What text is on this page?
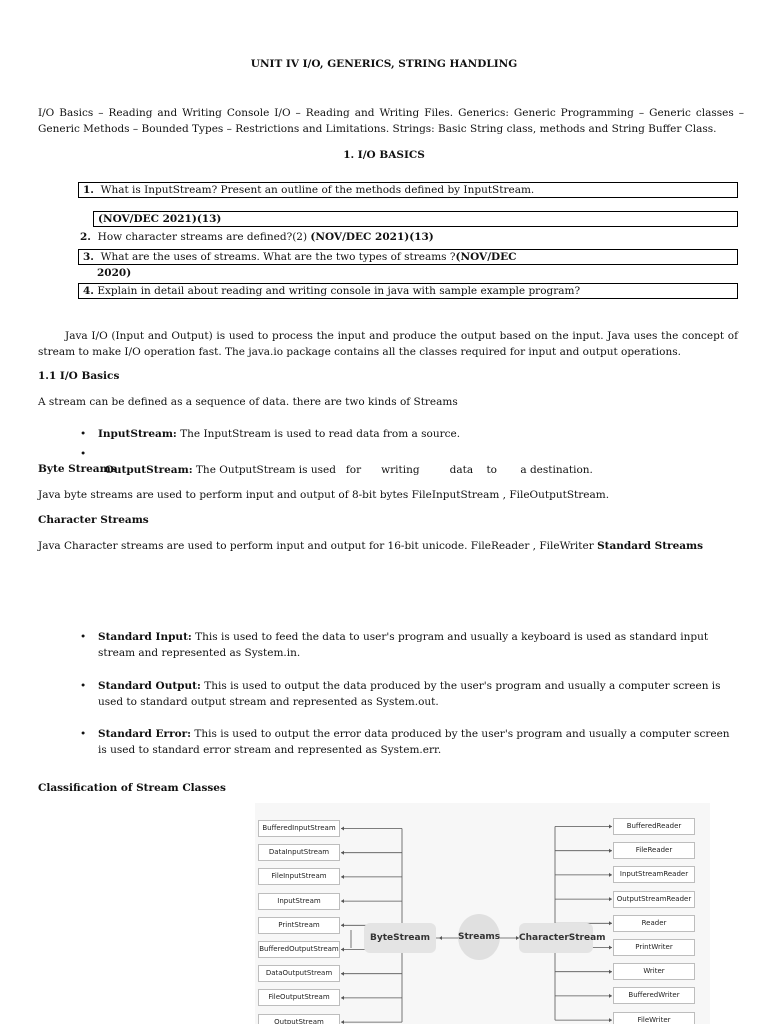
UNIT IV I/O, GENERICS, STRING HANDLING
I/O Basics – Reading and Writing Console I/O – Reading and Writing Files. Generics: Generic Programming – Generic classes – Generic Methods – Bounded Types – Restrictions and Limitations. Strings: Basic String class, methods and String Buffer Class.
1. I/O BASICS
1. What is InputStream? Present an outline of the methods defined by InputStream.
(NOV/DEC 2021)(13)
2. How character streams are defined?(2) (NOV/DEC 2021)(13)
3. What are the uses of streams. What are the two types of streams ?(NOV/DEC
2020)
4. Explain in detail about reading and writing console in java with sample example program?
Java I/O (Input and Output) is used to process the input and produce the output based on the input. Java uses the concept of stream to make I/O operation fast. The java.io package contains all the classes required for input and output operations.
1.1 I/O Basics
A stream can be defined as a sequence of data. there are two kinds of Streams
• InputStream: The InputStream is used to read data from a source.

• OutputStream: The OutputStream is used   for      writing         data    to       a destination.

Byte Streams
Java byte streams are used to perform input and output of 8-bit bytes FileInputStream , FileOutputStream.
Character Streams
Java Character streams are used to perform input and output for 16-bit unicode. FileReader , FileWriter Standard Streams
• Standard Input: This is used to feed the data to user's program and usually a keyboard is used as standard input stream and represented as System.in.
• Standard Output: This is used to output the data produced by the user's program and usually a computer screen is used to standard output stream and represented as System.out.
• Standard Error: This is used to output the error data produced by the user's program and usually a computer screen is used to standard error stream and represented as System.err.
Classification of Stream Classes
BufferedInputStream
DataInputStream
FileInputStream
InputStream
PrintStream
BufferedOutputStream
DataOutputStream
FileOutputStream
OutputStream
BufferedReader
FileReader
InputStreamReader
OutputStreamReader
Reader
PrintWriter
Writer
BufferedWriter
FileWriter
ByteStream	Streams CharacterStream
